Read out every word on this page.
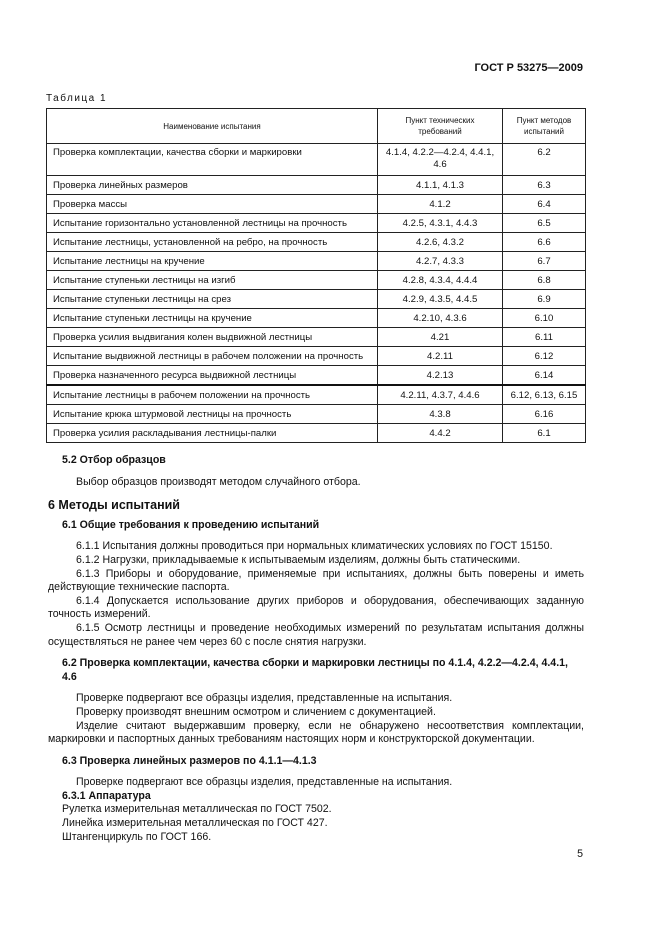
ГОСТ Р 53275—2009
Таблица 1
Наименование испытания	Пункт технических требований	Пункт методов испытаний
Проверка комплектации, качества сборки и маркировки	4.1.4, 4.2.2—4.2.4, 4.4.1, 4.6	6.2
Проверка линейных размеров	4.1.1, 4.1.3	6.3
Проверка массы	4.1.2	6.4
Испытание горизонтально установленной лестницы на прочность	4.2.5, 4.3.1, 4.4.3	6.5
Испытание лестницы, установленной на ребро, на прочность	4.2.6, 4.3.2	6.6
Испытание лестницы на кручение	4.2.7, 4.3.3	6.7
Испытание ступеньки лестницы на изгиб	4.2.8, 4.3.4, 4.4.4	6.8
Испытание ступеньки лестницы на срез	4.2.9, 4.3.5, 4.4.5	6.9
Испытание ступеньки лестницы на кручение	4.2.10, 4.3.6	6.10
Проверка усилия выдвигания колен выдвижной лестницы	4.21	6.11
Испытание выдвижной лестницы в рабочем положении на прочность	4.2.11	6.12
Проверка назначенного ресурса выдвижной лестницы	4.2.13	6.14
Испытание лестницы в рабочем положении на прочность	4.2.11, 4.3.7, 4.4.6	6.12, 6.13, 6.15
Испытание крюка штурмовой лестницы на прочность	4.3.8	6.16
Проверка усилия раскладывания лестницы-палки	4.4.2	6.1

5.2 Отбор образцов

Выбор образцов производят методом случайного отбора.

6 Методы испытаний

6.1 Общие требования к проведению испытаний

6.1.1 Испытания должны проводиться при нормальных климатических условиях по ГОСТ 15150.

6.1.2 Нагрузки, прикладываемые к испытываемым изделиям, должны быть статическими.

6.1.3 Приборы и оборудование, применяемые при испытаниях, должны быть поверены и иметь действующие технические паспорта.

6.1.4 Допускается использование других приборов и оборудования, обеспечивающих заданную точность измерений.

6.1.5 Осмотр лестницы и проведение необходимых измерений по результатам испытания должны осуществляться не ранее чем через 60 с после снятия нагрузки.

6.2 Проверка комплектации, качества сборки и маркировки лестницы по 4.1.4, 4.2.2—4.2.4, 4.4.1, 4.6

Проверке подвергают все образцы изделия, представленные на испытания.

Проверку производят внешним осмотром и сличением с документацией.

Изделие считают выдержавшим проверку, если не обнаружено несоответствия комплектации, маркировки и паспортных данных требованиям настоящих норм и конструкторской документации.

6.3 Проверка линейных размеров по 4.1.1—4.1.3

Проверке подвергают все образцы изделия, представленные на испытания.

6.3.1 Аппаратура

Рулетка измерительная металлическая по ГОСТ 7502.

Линейка измерительная металлическая по ГОСТ 427.

Штангенциркуль по ГОСТ 166.

5
